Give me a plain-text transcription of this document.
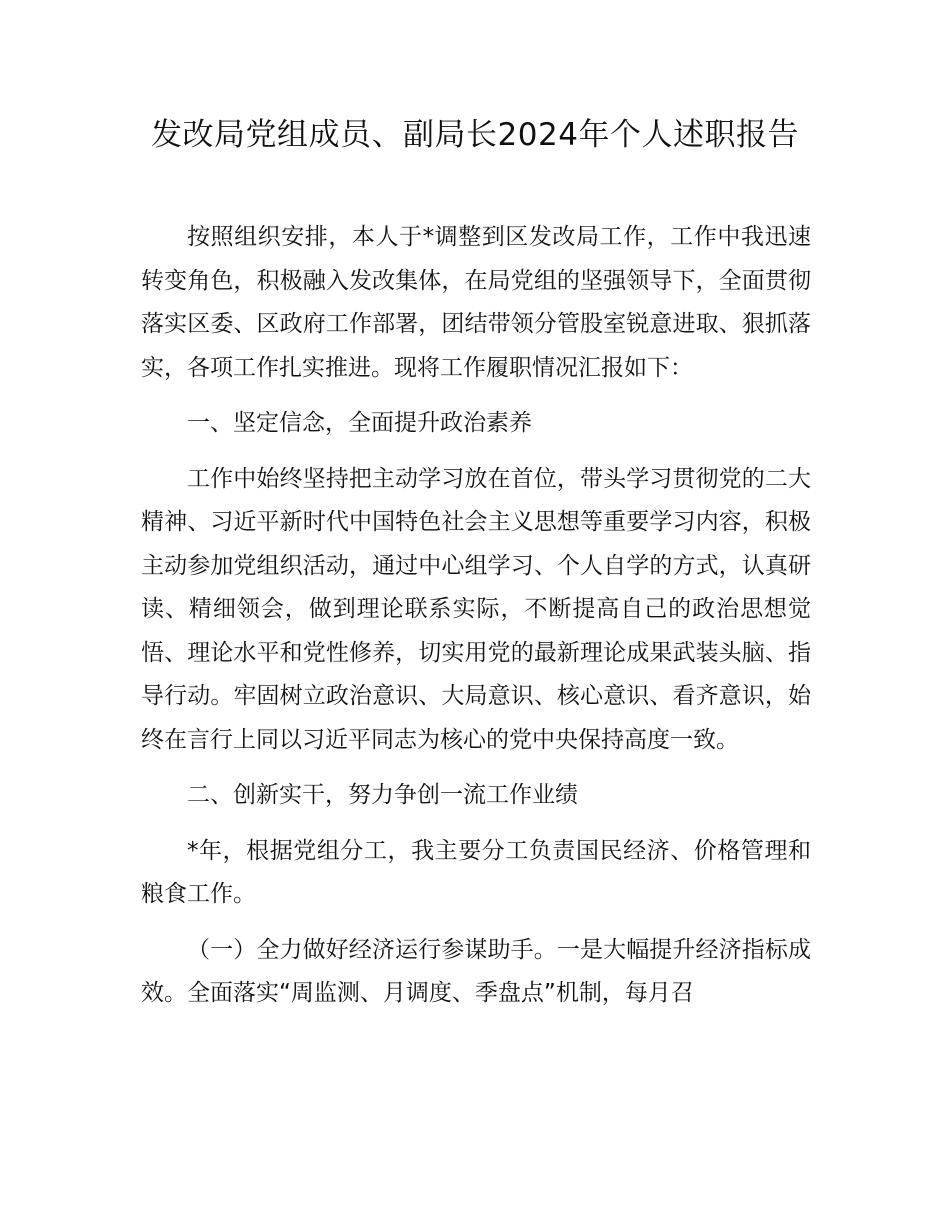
发改局党组成员、副局长2024年个人述职报告

按照组织安排，本人于*调整到区发改局工作，工作中我迅速转变角色，积极融入发改集体，在局党组的坚强领导下，全面贯彻落实区委、区政府工作部署，团结带领分管股室锐意进取、狠抓落实，各项工作扎实推进。现将工作履职情况汇报如下：

一、坚定信念，全面提升政治素养

工作中始终坚持把主动学习放在首位，带头学习贯彻党的二大精神、习近平新时代中国特色社会主义思想等重要学习内容，积极主动参加党组织活动，通过中心组学习、个人自学的方式，认真研读、精细领会，做到理论联系实际，不断提高自己的政治思想觉悟、理论水平和党性修养，切实用党的最新理论成果武装头脑、指导行动。牢固树立政治意识、大局意识、核心意识、看齐意识，始终在言行上同以习近平同志为核心的党中央保持高度一致。

二、创新实干，努力争创一流工作业绩

*年，根据党组分工，我主要分工负责国民经济、价格管理和粮食工作。

（一）全力做好经济运行参谋助手。一是大幅提升经济指标成效。全面落实“周监测、月调度、季盘点”机制，每月召
